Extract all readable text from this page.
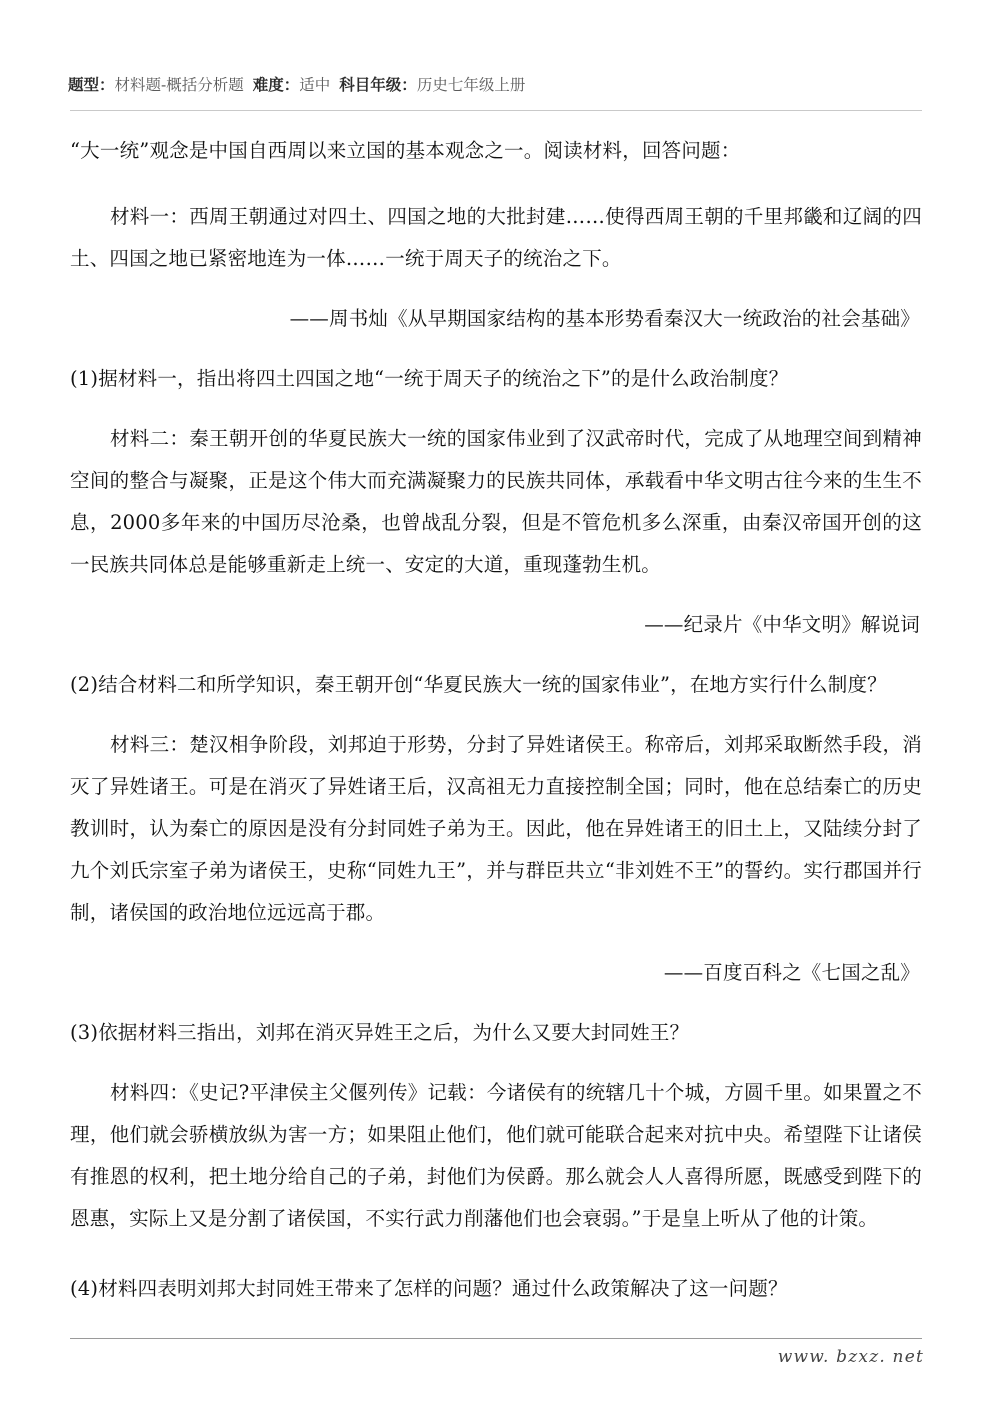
题型：材料题-概括分析题 难度：适中 科目年级：历史七年级上册

“大一统”观念是中国自西周以来立国的基本观念之一。阅读材料，回答问题：

材料一：西周王朝通过对四土、四国之地的大批封建……使得西周王朝的千里邦畿和辽阔的四土、四国之地已紧密地连为一体……一统于周天子的统治之下。

——周书灿《从早期国家结构的基本形势看秦汉大一统政治的社会基础》

(1)据材料一，指出将四土四国之地“一统于周天子的统治之下”的是什么政治制度？

材料二：秦王朝开创的华夏民族大一统的国家伟业到了汉武帝时代，完成了从地理空间到精神空间的整合与凝聚，正是这个伟大而充满凝聚力的民族共同体，承载看中华文明古往今来的生生不息，2000多年来的中国历尽沧桑，也曾战乱分裂，但是不管危机多么深重，由秦汉帝国开创的这一民族共同体总是能够重新走上统一、安定的大道，重现蓬勃生机。

——纪录片《中华文明》解说词

(2)结合材料二和所学知识，秦王朝开创“华夏民族大一统的国家伟业”，在地方实行什么制度？

材料三：楚汉相争阶段，刘邦迫于形势，分封了异姓诸侯王。称帝后，刘邦采取断然手段，消灭了异姓诸王。可是在消灭了异姓诸王后，汉高祖无力直接控制全国；同时，他在总结秦亡的历史教训时，认为秦亡的原因是没有分封同姓子弟为王。因此，他在异姓诸王的旧土上，又陆续分封了九个刘氏宗室子弟为诸侯王，史称“同姓九王”，并与群臣共立“非刘姓不王”的誓约。实行郡国并行制，诸侯国的政治地位远远高于郡。

——百度百科之《七国之乱》

(3)依据材料三指出，刘邦在消灭异姓王之后，为什么又要大封同姓王？

材料四：《史记?平津侯主父偃列传》记载：今诸侯有的统辖几十个城，方圆千里。如果置之不理，他们就会骄横放纵为害一方；如果阻止他们，他们就可能联合起来对抗中央。希望陛下让诸侯有推恩的权利，把土地分给自己的子弟，封他们为侯爵。那么就会人人喜得所愿，既感受到陛下的恩惠，实际上又是分割了诸侯国，不实行武力削藩他们也会衰弱。”于是皇上听从了他的计策。

(4)材料四表明刘邦大封同姓王带来了怎样的问题？通过什么政策解决了这一问题？

www. bzxz. net
